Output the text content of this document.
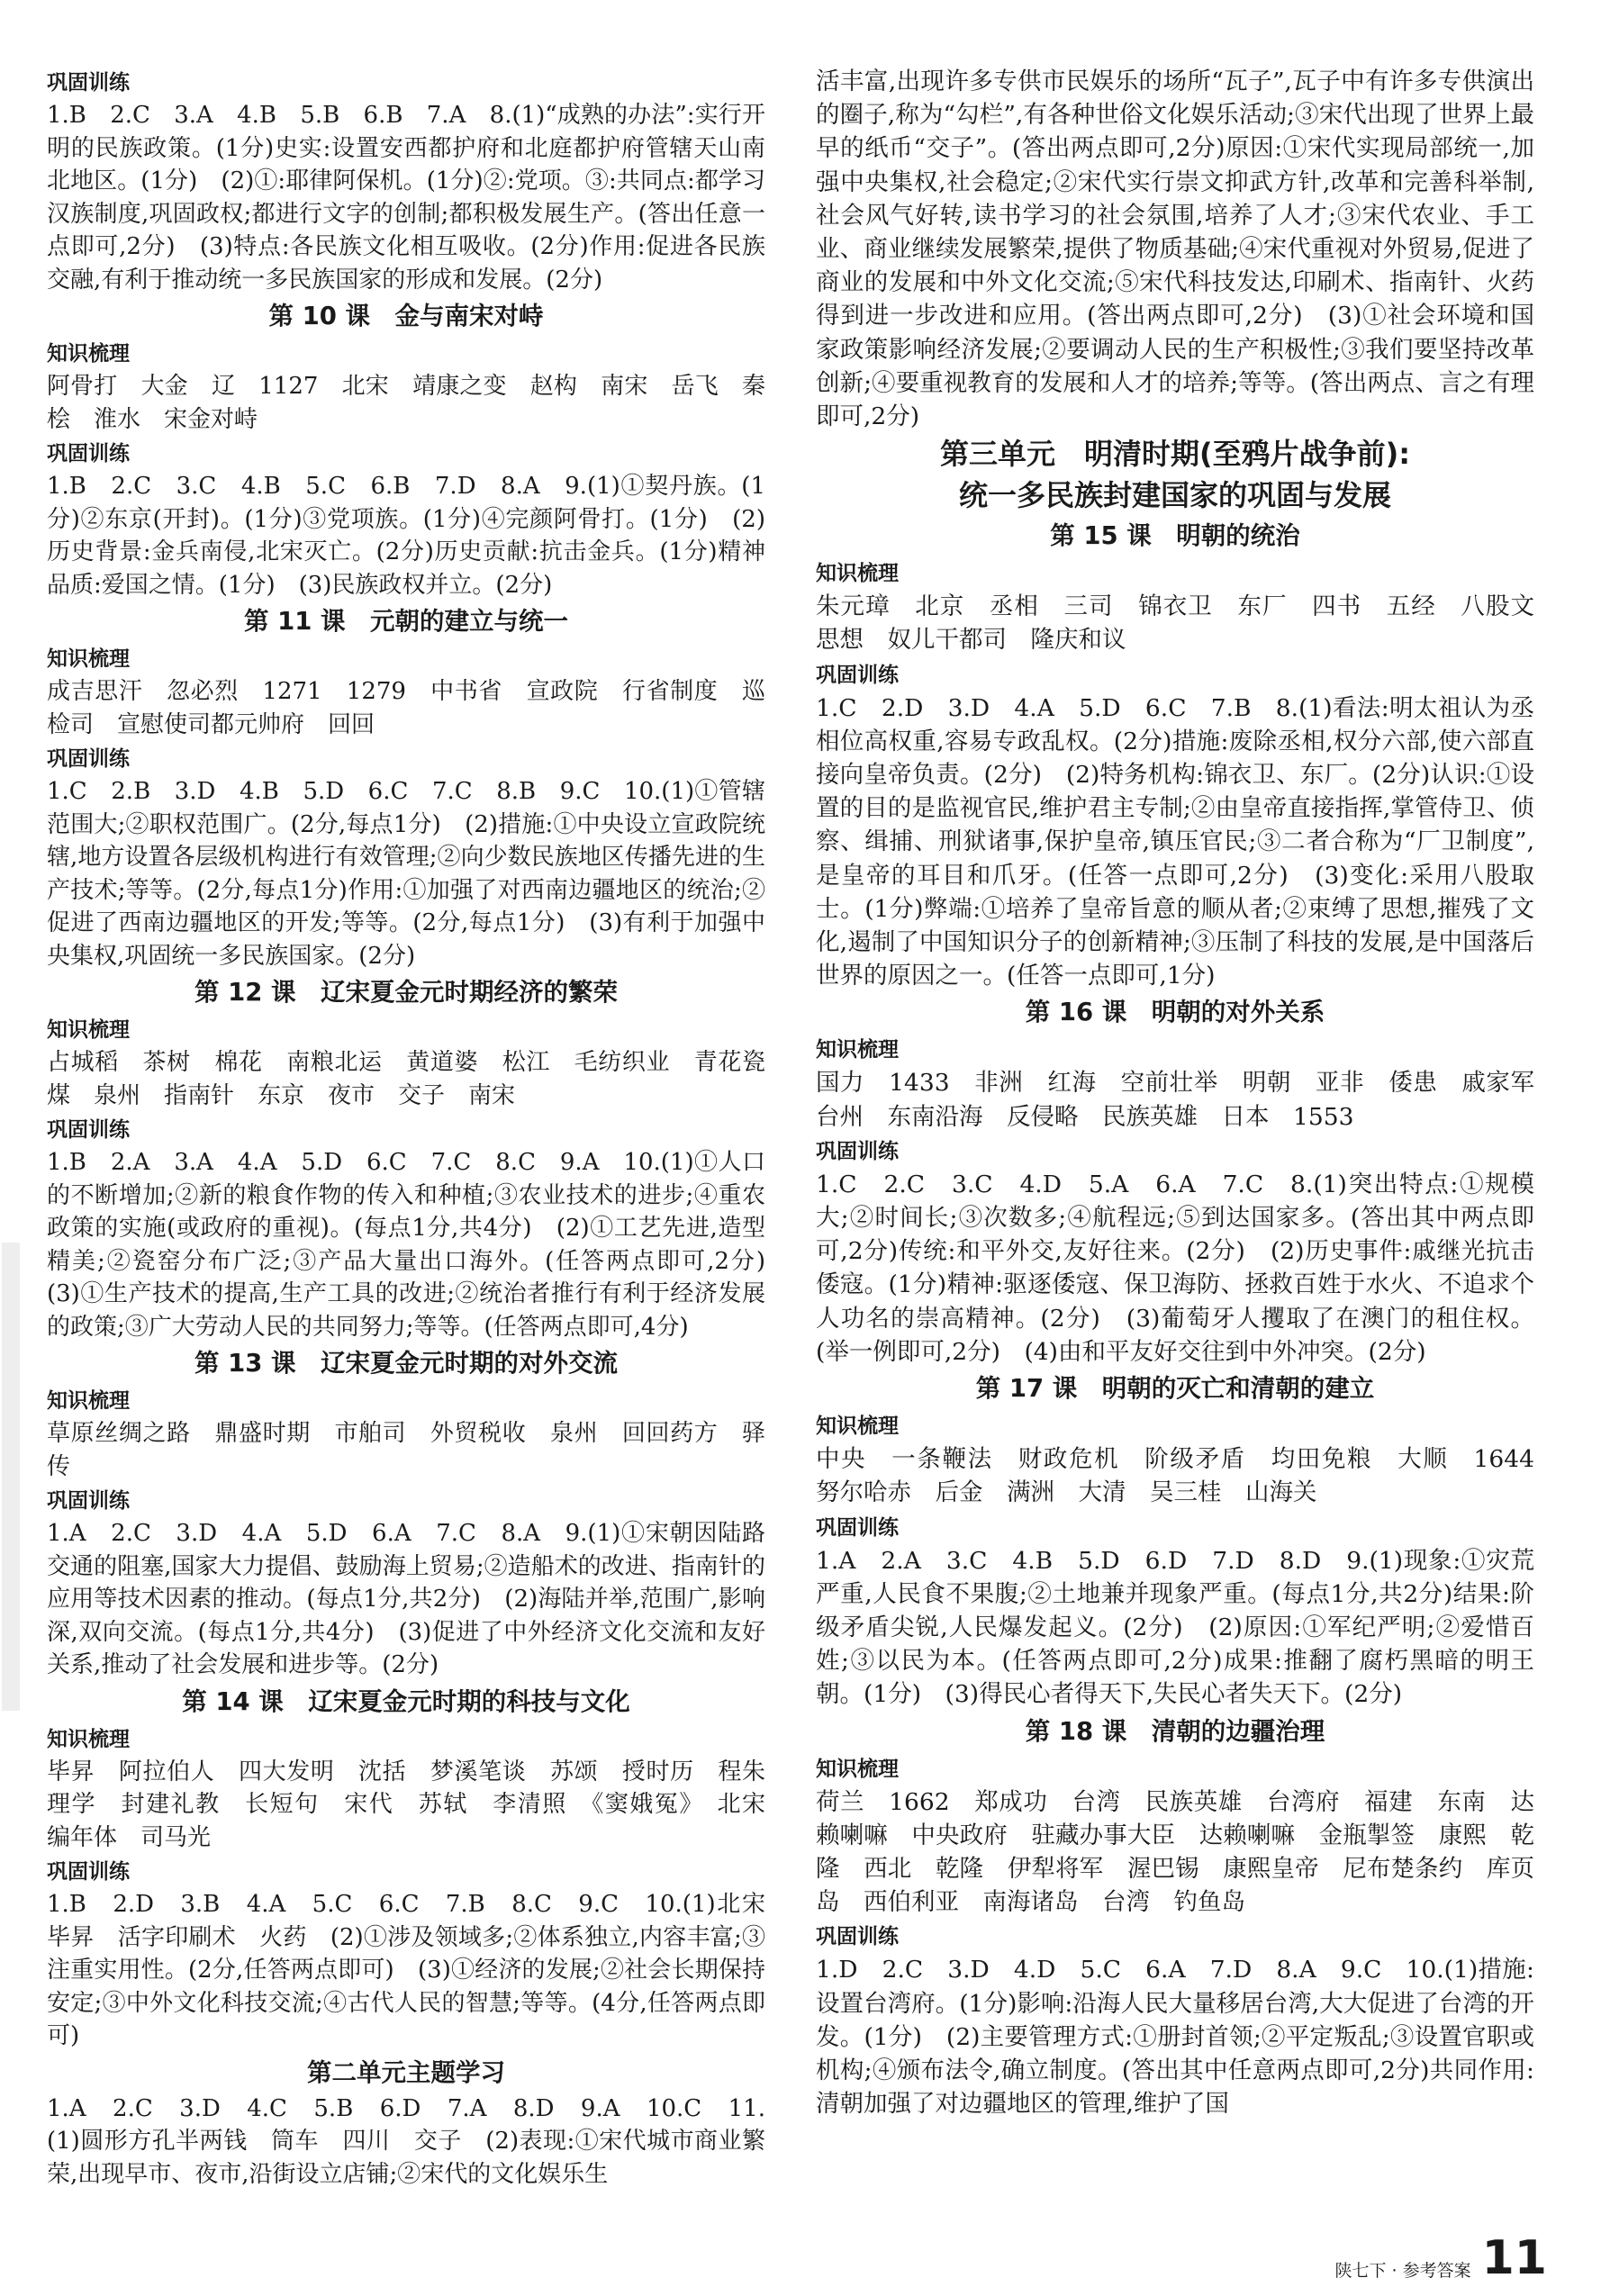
巩固训练
1.B　2.C　3.A　4.B　5.B　6.B　7.A　8.(1)“成熟的办法”:实行开明的民族政策。(1分)史实:设置安西都护府和北庭都护府管辖天山南北地区。(1分)　(2)①:耶律阿保机。(1分)②:党项。③:共同点:都学习汉族制度,巩固政权;都进行文字的创制;都积极发展生产。(答出任意一点即可,2分)　(3)特点:各民族文化相互吸收。(2分)作用:促进各民族交融,有利于推动统一多民族国家的形成和发展。(2分)
第 10 课　金与南宋对峙
知识梳理
阿骨打　大金　辽　1127　北宋　靖康之变　赵构　南宋　岳飞　秦桧　淮水　宋金对峙
巩固训练
1.B　2.C　3.C　4.B　5.C　6.B　7.D　8.A　9.(1)①契丹族。(1分)②东京(开封)。(1分)③党项族。(1分)④完颜阿骨打。(1分)　(2)历史背景:金兵南侵,北宋灭亡。(2分)历史贡献:抗击金兵。(1分)精神品质:爱国之情。(1分)　(3)民族政权并立。(2分)
第 11 课　元朝的建立与统一
知识梳理
成吉思汗　忽必烈　1271　1279　中书省　宣政院　行省制度　巡检司　宣慰使司都元帅府　回回
巩固训练
1.C　2.B　3.D　4.B　5.D　6.C　7.C　8.B　9.C　10.(1)①管辖范围大;②职权范围广。(2分,每点1分)　(2)措施:①中央设立宣政院统辖,地方设置各层级机构进行有效管理;②向少数民族地区传播先进的生产技术;等等。(2分,每点1分)作用:①加强了对西南边疆地区的统治;②促进了西南边疆地区的开发;等等。(2分,每点1分)　(3)有利于加强中央集权,巩固统一多民族国家。(2分)
第 12 课　辽宋夏金元时期经济的繁荣
知识梳理
占城稻　茶树　棉花　南粮北运　黄道婆　松江　毛纺织业　青花瓷　煤　泉州　指南针　东京　夜市　交子　南宋
巩固训练
1.B　2.A　3.A　4.A　5.D　6.C　7.C　8.C　9.A　10.(1)①人口的不断增加;②新的粮食作物的传入和种植;③农业技术的进步;④重农政策的实施(或政府的重视)。(每点1分,共4分)　(2)①工艺先进,造型精美;②瓷窑分布广泛;③产品大量出口海外。(任答两点即可,2分)　(3)①生产技术的提高,生产工具的改进;②统治者推行有利于经济发展的政策;③广大劳动人民的共同努力;等等。(任答两点即可,4分)
第 13 课　辽宋夏金元时期的对外交流
知识梳理
草原丝绸之路　鼎盛时期　市舶司　外贸税收　泉州　回回药方　驿传
巩固训练
1.A　2.C　3.D　4.A　5.D　6.A　7.C　8.A　9.(1)①宋朝因陆路交通的阻塞,国家大力提倡、鼓励海上贸易;②造船术的改进、指南针的应用等技术因素的推动。(每点1分,共2分)　(2)海陆并举,范围广,影响深,双向交流。(每点1分,共4分)　(3)促进了中外经济文化交流和友好关系,推动了社会发展和进步等。(2分)
第 14 课　辽宋夏金元时期的科技与文化
知识梳理
毕昇　阿拉伯人　四大发明　沈括　梦溪笔谈　苏颂　授时历　程朱理学　封建礼教　长短句　宋代　苏轼　李清照　《窦娥冤》　北宋　编年体　司马光
巩固训练
1.B　2.D　3.B　4.A　5.C　6.C　7.B　8.C　9.C　10.(1)北宋　毕昇　活字印刷术　火药　(2)①涉及领域多;②体系独立,内容丰富;③注重实用性。(2分,任答两点即可)　(3)①经济的发展;②社会长期保持安定;③中外文化科技交流;④古代人民的智慧;等等。(4分,任答两点即可)
第二单元主题学习
1.A　2.C　3.D　4.C　5.B　6.D　7.A　8.D　9.A　10.C　11.(1)圆形方孔半两钱　筒车　四川　交子　(2)表现:①宋代城市商业繁荣,出现早市、夜市,沿街设立店铺;②宋代的文化娱乐生
活丰富,出现许多专供市民娱乐的场所“瓦子”,瓦子中有许多专供演出的圈子,称为“勾栏”,有各种世俗文化娱乐活动;③宋代出现了世界上最早的纸币“交子”。(答出两点即可,2分)原因:①宋代实现局部统一,加强中央集权,社会稳定;②宋代实行崇文抑武方针,改革和完善科举制,社会风气好转,读书学习的社会氛围,培养了人才;③宋代农业、手工业、商业继续发展繁荣,提供了物质基础;④宋代重视对外贸易,促进了商业的发展和中外文化交流;⑤宋代科技发达,印刷术、指南针、火药得到进一步改进和应用。(答出两点即可,2分)　(3)①社会环境和国家政策影响经济发展;②要调动人民的生产积极性;③我们要坚持改革创新;④要重视教育的发展和人才的培养;等等。(答出两点、言之有理即可,2分)
第三单元　明清时期(至鸦片战争前):
统一多民族封建国家的巩固与发展
第 15 课　明朝的统治
知识梳理
朱元璋　北京　丞相　三司　锦衣卫　东厂　四书　五经　八股文　思想　奴儿干都司　隆庆和议
巩固训练
1.C　2.D　3.D　4.A　5.D　6.C　7.B　8.(1)看法:明太祖认为丞相位高权重,容易专政乱权。(2分)措施:废除丞相,权分六部,使六部直接向皇帝负责。(2分)　(2)特务机构:锦衣卫、东厂。(2分)认识:①设置的目的是监视官民,维护君主专制;②由皇帝直接指挥,掌管侍卫、侦察、缉捕、刑狱诸事,保护皇帝,镇压官民;③二者合称为“厂卫制度”,是皇帝的耳目和爪牙。(任答一点即可,2分)　(3)变化:采用八股取士。(1分)弊端:①培养了皇帝旨意的顺从者;②束缚了思想,摧残了文化,遏制了中国知识分子的创新精神;③压制了科技的发展,是中国落后世界的原因之一。(任答一点即可,1分)
第 16 课　明朝的对外关系
知识梳理
国力　1433　非洲　红海　空前壮举　明朝　亚非　倭患　戚家军　台州　东南沿海　反侵略　民族英雄　日本　1553
巩固训练
1.C　2.C　3.C　4.D　5.A　6.A　7.C　8.(1)突出特点:①规模大;②时间长;③次数多;④航程远;⑤到达国家多。(答出其中两点即可,2分)传统:和平外交,友好往来。(2分)　(2)历史事件:戚继光抗击倭寇。(1分)精神:驱逐倭寇、保卫海防、拯救百姓于水火、不追求个人功名的崇高精神。(2分)　(3)葡萄牙人攫取了在澳门的租住权。(举一例即可,2分)　(4)由和平友好交往到中外冲突。(2分)
第 17 课　明朝的灭亡和清朝的建立
知识梳理
中央　一条鞭法　财政危机　阶级矛盾　均田免粮　大顺　1644　努尔哈赤　后金　满洲　大清　吴三桂　山海关
巩固训练
1.A　2.A　3.C　4.B　5.D　6.D　7.D　8.D　9.(1)现象:①灾荒严重,人民食不果腹;②土地兼并现象严重。(每点1分,共2分)结果:阶级矛盾尖锐,人民爆发起义。(2分)　(2)原因:①军纪严明;②爱惜百姓;③以民为本。(任答两点即可,2分)成果:推翻了腐朽黑暗的明王朝。(1分)　(3)得民心者得天下,失民心者失天下。(2分)
第 18 课　清朝的边疆治理
知识梳理
荷兰　1662　郑成功　台湾　民族英雄　台湾府　福建　东南　达赖喇嘛　中央政府　驻藏办事大臣　达赖喇嘛　金瓶掣签　康熙　乾隆　西北　乾隆　伊犁将军　渥巴锡　康熙皇帝　尼布楚条约　库页岛　西伯利亚　南海诸岛　台湾　钓鱼岛
巩固训练
1.D　2.C　3.D　4.D　5.C　6.A　7.D　8.A　9.C　10.(1)措施:设置台湾府。(1分)影响:沿海人民大量移居台湾,大大促进了台湾的开发。(1分)　(2)主要管理方式:①册封首领;②平定叛乱;③设置官职或机构;④颁布法令,确立制度。(答出其中任意两点即可,2分)共同作用:清朝加强了对边疆地区的管理,维护了国
陕七下 · 参考答案 11
